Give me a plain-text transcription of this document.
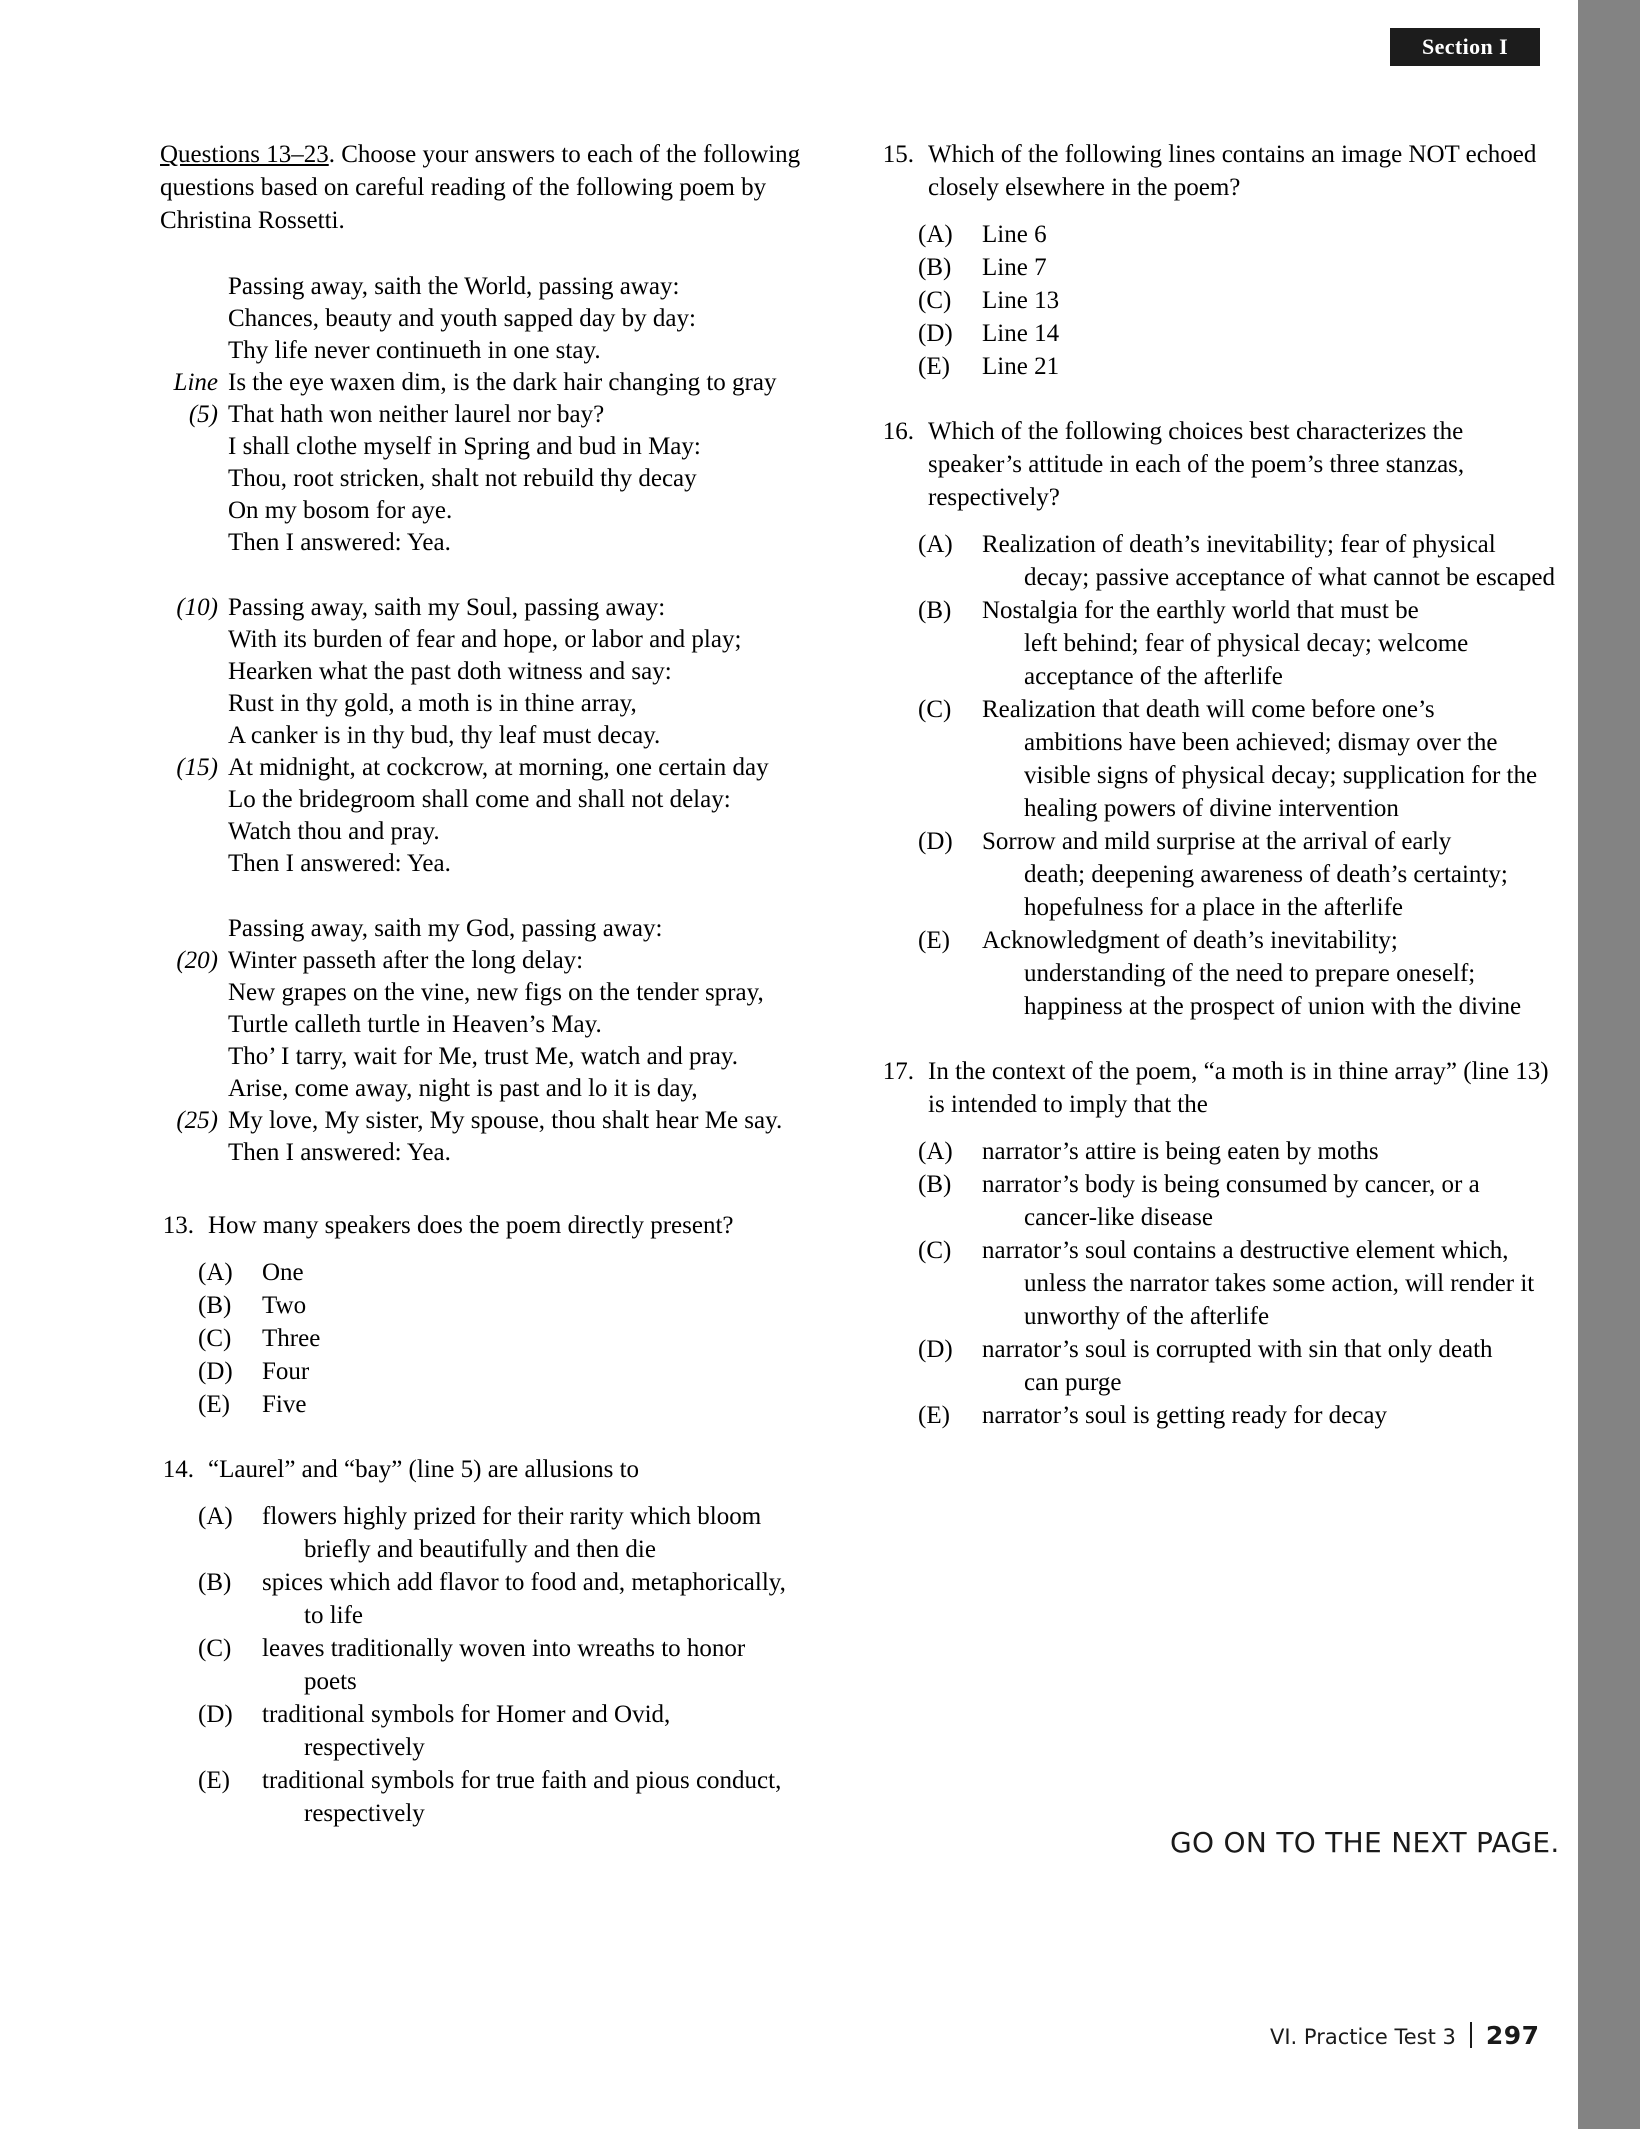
Section I
Questions 13–23. Choose your answers to each of the following questions based on careful reading of the following poem by Christina Rossetti.
Passing away, saith the World, passing away:
Chances, beauty and youth sapped day by day:
Thy life never continueth in one stay.
Line Is the eye waxen dim, is the dark hair changing to gray
(5) That hath won neither laurel nor bay?
I shall clothe myself in Spring and bud in May:
Thou, root stricken, shalt not rebuild thy decay
On my bosom for aye.
Then I answered: Yea.
(10) Passing away, saith my Soul, passing away:
With its burden of fear and hope, or labor and play;
Hearken what the past doth witness and say:
Rust in thy gold, a moth is in thine array,
A canker is in thy bud, thy leaf must decay.
(15) At midnight, at cockcrow, at morning, one certain day
Lo the bridegroom shall come and shall not delay:
Watch thou and pray.
Then I answered: Yea.
Passing away, saith my God, passing away:
(20) Winter passeth after the long delay:
New grapes on the vine, new figs on the tender spray,
Turtle calleth turtle in Heaven’s May.
Tho’ I tarry, wait for Me, trust Me, watch and pray.
Arise, come away, night is past and lo it is day,
(25) My love, My sister, My spouse, thou shalt hear Me say.
Then I answered: Yea.
13. How many speakers does the poem directly present?
(A)	One
(B)	Two
(C)	Three
(D)	Four
(E)	Five
14. “Laurel” and “bay” (line 5) are allusions to
(A)	flowers highly prized for their rarity which bloom
briefly and beautifully and then die
(B)	spices which add flavor to food and, metaphorically,
to life
(C)	leaves traditionally woven into wreaths to honor
poets
(D)	traditional symbols for Homer and Ovid,
respectively
(E)	traditional symbols for true faith and pious conduct,
respectively
15. Which of the following lines contains an image NOT echoed closely elsewhere in the poem?
(A)	Line 6
(B)	Line 7
(C)	Line 13
(D)	Line 14
(E)	Line 21
16. Which of the following choices best characterizes the speaker’s attitude in each of the poem’s three stanzas, respectively?
(A)	Realization of death’s inevitability; fear of physical
decay; passive acceptance of what cannot be escaped
(B)	Nostalgia for the earthly world that must be
left behind; fear of physical decay; welcome acceptance of the afterlife
(C)	Realization that death will come before one’s
ambitions have been achieved; dismay over the visible signs of physical decay; supplication for the healing powers of divine intervention
(D)	Sorrow and mild surprise at the arrival of early
death; deepening awareness of death’s certainty; hopefulness for a place in the afterlife
(E)	Acknowledgment of death’s inevitability;
understanding of the need to prepare oneself; happiness at the prospect of union with the divine
17. In the context of the poem, “a moth is in thine array” (line 13) is intended to imply that the
(A)	narrator’s attire is being eaten by moths
(B)	narrator’s body is being consumed by cancer, or a
cancer-like disease
(C)	narrator’s soul contains a destructive element which,
unless the narrator takes some action, will render it unworthy of the afterlife
(D)	narrator’s soul is corrupted with sin that only death
can purge
(E)	narrator’s soul is getting ready for decay
GO ON TO THE NEXT PAGE.
VI. Practice Test 3 297
